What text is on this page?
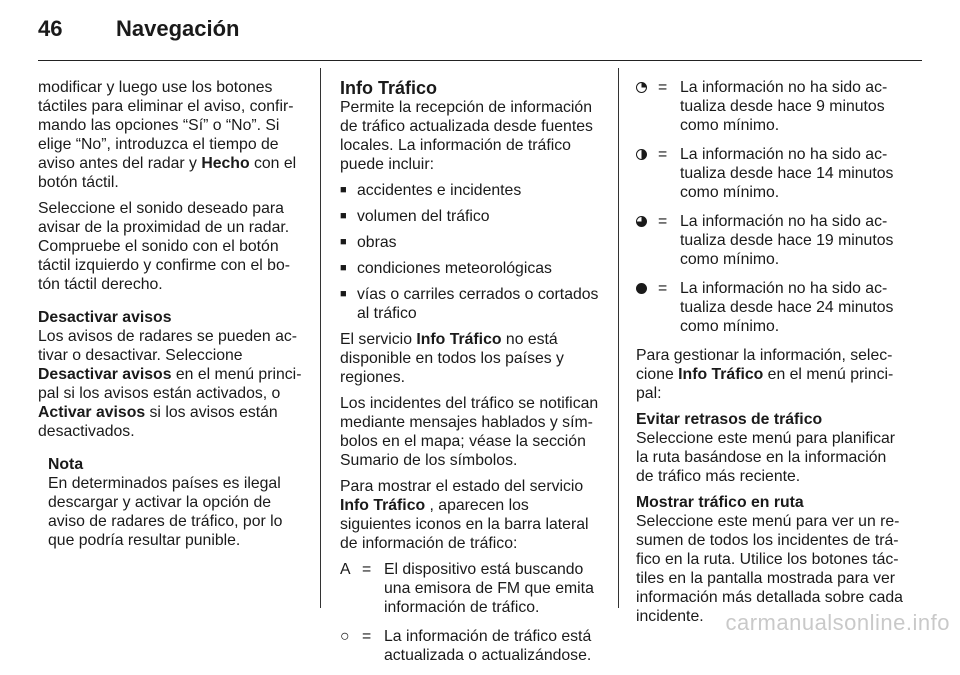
46	Navegación

modificar y luego use los botones táctiles para eliminar el aviso, confirmando las opciones “Sí” o “No”. Si elige “No”, introduzca el tiempo de aviso antes del radar y Hecho con el botón táctil.

Seleccione el sonido deseado para avisar de la proximidad de un radar. Compruebe el sonido con el botón táctil izquierdo y confirme con el botón táctil derecho.

Desactivar avisos

Los avisos de radares se pueden activar o desactivar. Seleccione Desactivar avisos en el menú principal si los avisos están activados, o Activar avisos si los avisos están desactivados.

Nota

En determinados países es ilegal descargar y activar la opción de aviso de radares de tráfico, por lo que podría resultar punible.

Info Tráfico

Permite la recepción de información de tráfico actualizada desde fuentes locales. La información de tráfico puede incluir:

■ accidentes e incidentes
■ volumen del tráfico
■ obras
■ condiciones meteorológicas
■ vías o carriles cerrados o cortados al tráfico

El servicio Info Tráfico no está disponible en todos los países y regiones.

Los incidentes del tráfico se notifican mediante mensajes hablados y símbolos en el mapa; véase la sección Sumario de los símbolos.

Para mostrar el estado del servicio Info Tráfico , aparecen los siguientes iconos en la barra lateral de información de tráfico:

A = El dispositivo está buscando una emisora de FM que emita información de tráfico.
○ = La información de tráfico está actualizada o actualizándose.
= La información no ha sido actualiza desde hace 9 minutos como mínimo.
= La información no ha sido actualiza desde hace 14 minutos como mínimo.
= La información no ha sido actualiza desde hace 19 minutos como mínimo.
= La información no ha sido actualiza desde hace 24 minutos como mínimo.

Para gestionar la información, seleccione Info Tráfico en el menú principal:

Evitar retrasos de tráfico

Seleccione este menú para planificar la ruta basándose en la información de tráfico más reciente.

Mostrar tráfico en ruta

Seleccione este menú para ver un resumen de todos los incidentes de tráfico en la ruta. Utilice los botones táctiles en la pantalla mostrada para ver información más detallada sobre cada incidente. carmanualsonline.info
